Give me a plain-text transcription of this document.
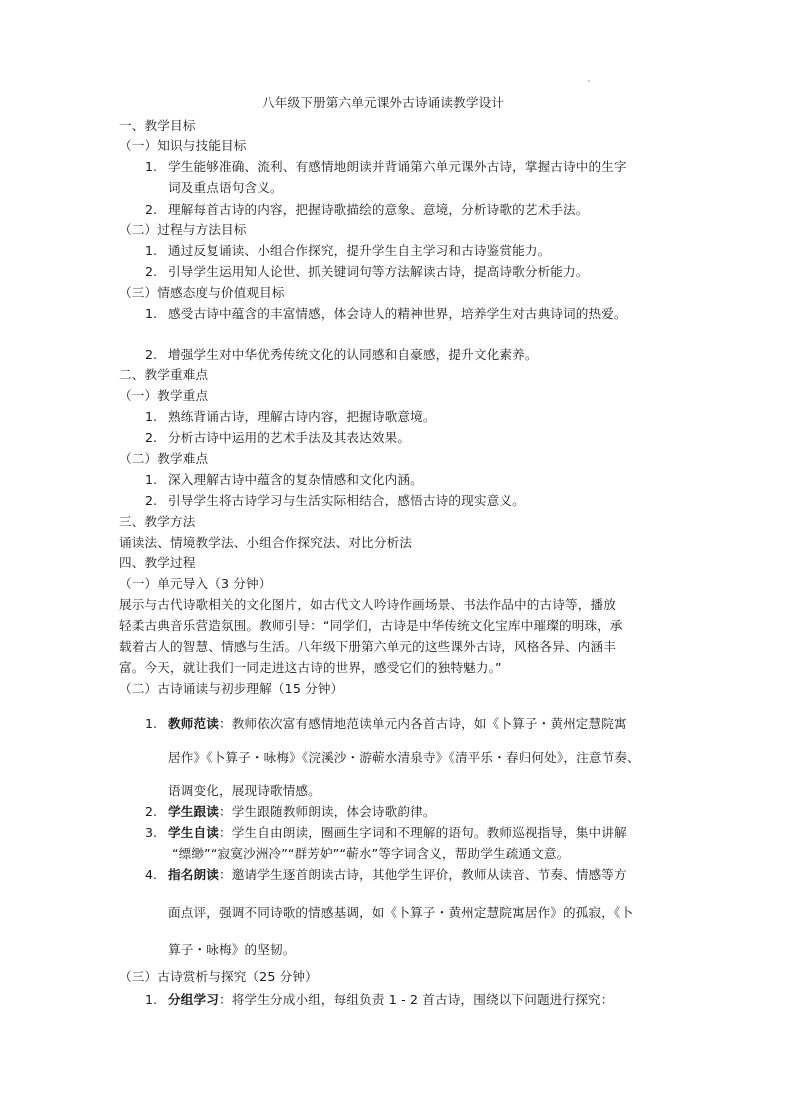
八年级下册第六单元课外古诗诵读教学设计
一、教学目标
（一）知识与技能目标
1. 学生能够准确、流利、有感情地朗读并背诵第六单元课外古诗，掌握古诗中的生字
词及重点语句含义。
2. 理解每首古诗的内容，把握诗歌描绘的意象、意境，分析诗歌的艺术手法。
（二）过程与方法目标
1. 通过反复诵读、小组合作探究，提升学生自主学习和古诗鉴赏能力。
2. 引导学生运用知人论世、抓关键词句等方法解读古诗，提高诗歌分析能力。
（三）情感态度与价值观目标
1. 感受古诗中蕴含的丰富情感，体会诗人的精神世界，培养学生对古典诗词的热爱。
2. 增强学生对中华优秀传统文化的认同感和自豪感，提升文化素养。
二、教学重难点
（一）教学重点
1. 熟练背诵古诗，理解古诗内容，把握诗歌意境。
2. 分析古诗中运用的艺术手法及其表达效果。
（二）教学难点
1. 深入理解古诗中蕴含的复杂情感和文化内涵。
2. 引导学生将古诗学习与生活实际相结合，感悟古诗的现实意义。
三、教学方法
诵读法、情境教学法、小组合作探究法、对比分析法
四、教学过程
（一）单元导入（3 分钟）
展示与古代诗歌相关的文化图片，如古代文人吟诗作画场景、书法作品中的古诗等，播放
轻柔古典音乐营造氛围。教师引导：“同学们，古诗是中华传统文化宝库中璀璨的明珠，承
载着古人的智慧、情感与生活。八年级下册第六单元的这些课外古诗，风格各异、内涵丰
富。今天，就让我们一同走进这古诗的世界，感受它们的独特魅力。”
（二）古诗诵读与初步理解（15 分钟）
1. 教师范读：教师依次富有感情地范读单元内各首古诗，如《卜算子・黄州定慧院寓
居作》《卜算子・咏梅》《浣溪沙・游蕲水清泉寺》《清平乐・春归何处》，注意节奏、
语调变化，展现诗歌情感。
2. 学生跟读：学生跟随教师朗读，体会诗歌韵律。
3. 学生自读：学生自由朗读，圈画生字词和不理解的语句。教师巡视指导，集中讲解
“缥缈”“寂寞沙洲冷”“群芳妒”“蕲水”等字词含义，帮助学生疏通文意。
4. 指名朗读：邀请学生逐首朗读古诗，其他学生评价，教师从读音、节奏、情感等方
面点评，强调不同诗歌的情感基调，如《卜算子・黄州定慧院寓居作》的孤寂，《卜
算子・咏梅》的坚韧。
（三）古诗赏析与探究（25 分钟）
1. 分组学习：将学生分成小组，每组负责 1 - 2 首古诗，围绕以下问题进行探究：
